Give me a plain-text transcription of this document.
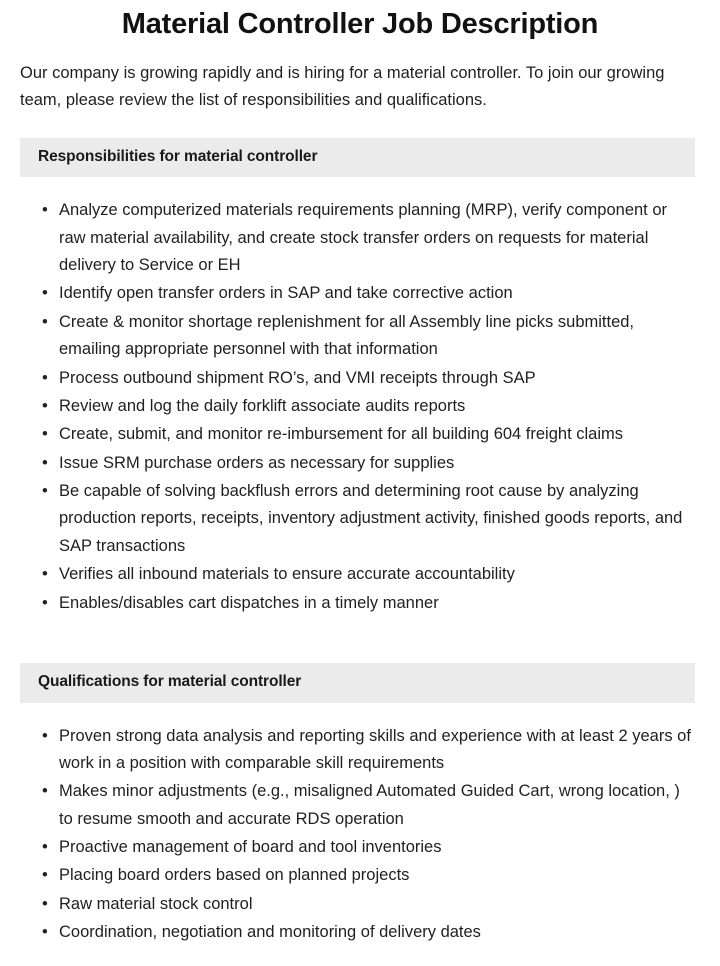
Material Controller Job Description

Our company is growing rapidly and is hiring for a material controller. To join our growing team, please review the list of responsibilities and qualifications.

Responsibilities for material controller
• Analyze computerized materials requirements planning (MRP), verify component or raw material availability, and create stock transfer orders on requests for material delivery to Service or EH
• Identify open transfer orders in SAP and take corrective action
• Create & monitor shortage replenishment for all Assembly line picks submitted, emailing appropriate personnel with that information
• Process outbound shipment RO’s, and VMI receipts through SAP
• Review and log the daily forklift associate audits reports
• Create, submit, and monitor re-imbursement for all building 604 freight claims
• Issue SRM purchase orders as necessary for supplies
• Be capable of solving backflush errors and determining root cause by analyzing production reports, receipts, inventory adjustment activity, finished goods reports, and SAP transactions
• Verifies all inbound materials to ensure accurate accountability
• Enables/disables cart dispatches in a timely manner
Qualifications for material controller
• Proven strong data analysis and reporting skills and experience with at least 2 years of work in a position with comparable skill requirements
• Makes minor adjustments (e.g., misaligned Automated Guided Cart, wrong location, ) to resume smooth and accurate RDS operation
• Proactive management of board and tool inventories
• Placing board orders based on planned projects
• Raw material stock control
• Coordination, negotiation and monitoring of delivery dates
